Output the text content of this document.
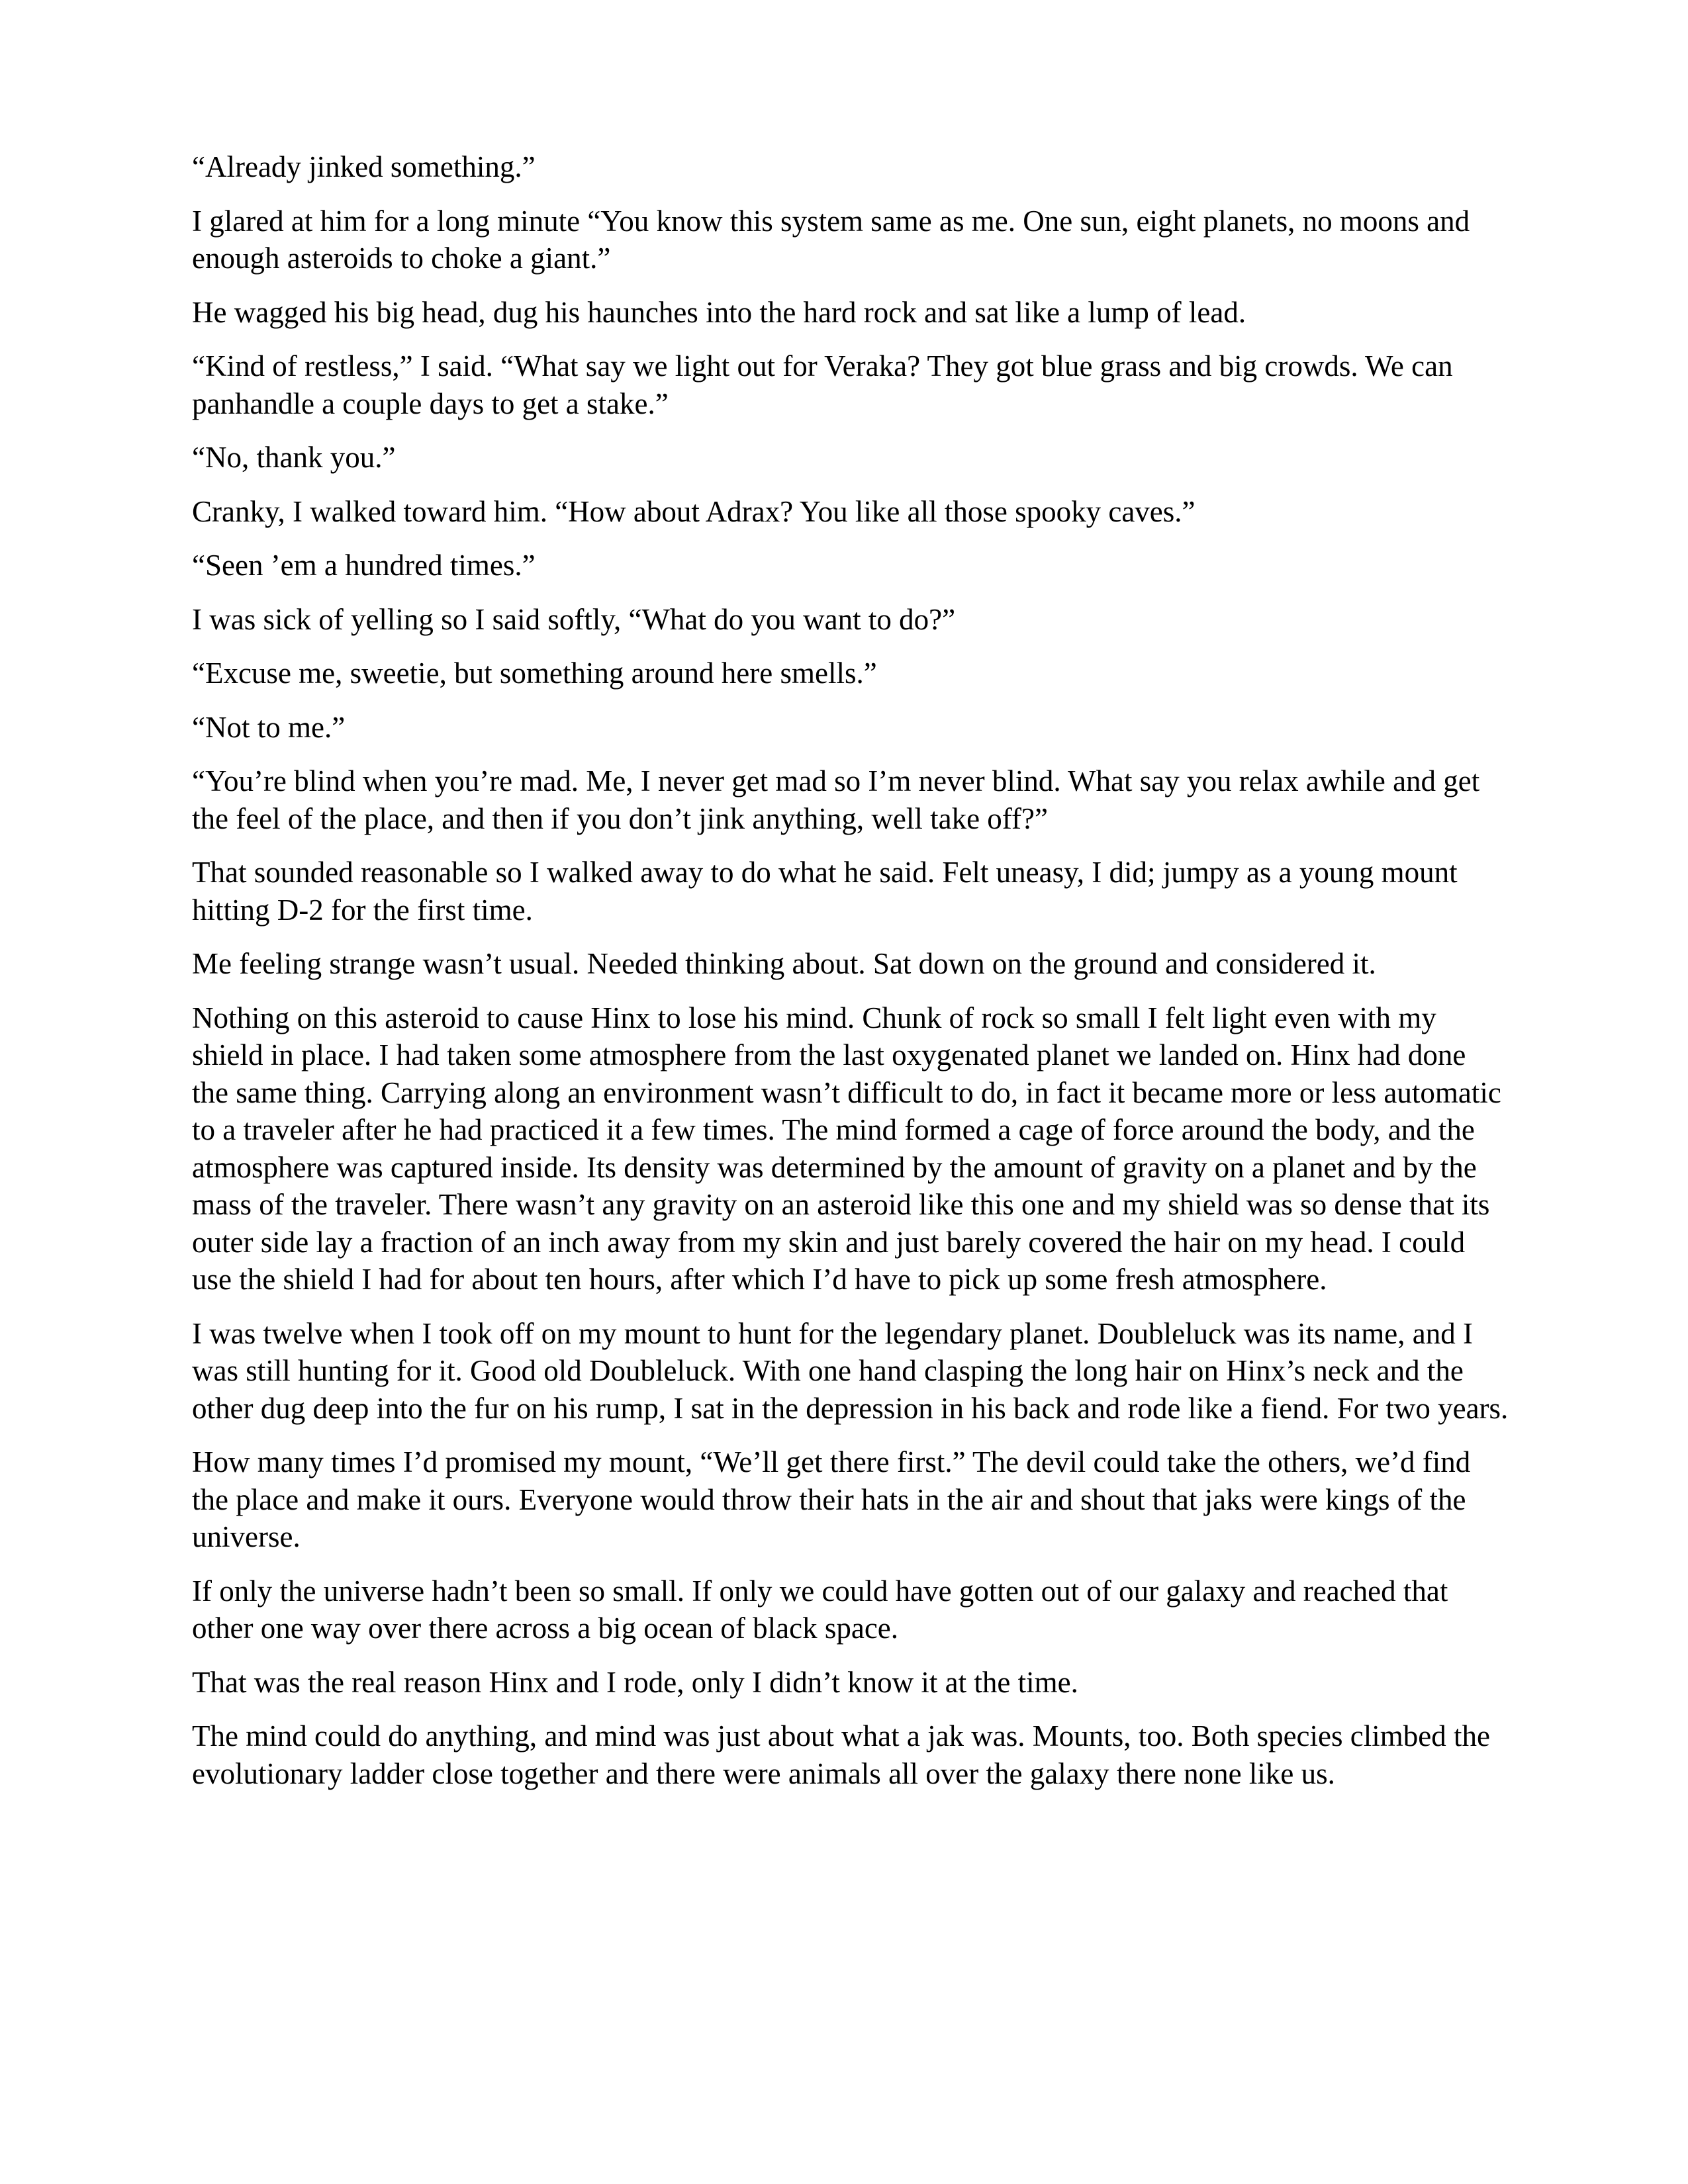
“Already jinked something.”

I glared at him for a long minute “You know this system same as me. One sun, eight planets, no moons and enough asteroids to choke a giant.”

He wagged his big head, dug his haunches into the hard rock and sat like a lump of lead.

“Kind of restless,” I said. “What say we light out for Veraka? They got blue grass and big crowds. We can panhandle a couple days to get a stake.”

“No, thank you.”

Cranky, I walked toward him. “How about Adrax? You like all those spooky caves.”

“Seen ’em a hundred times.”

I was sick of yelling so I said softly, “What do you want to do?”

“Excuse me, sweetie, but something around here smells.”

“Not to me.”

“You’re blind when you’re mad. Me, I never get mad so I’m never blind. What say you relax awhile and get the feel of the place, and then if you don’t jink anything, well take off?”

That sounded reasonable so I walked away to do what he said. Felt uneasy, I did; jumpy as a young mount hitting D-2 for the first time.

Me feeling strange wasn’t usual. Needed thinking about. Sat down on the ground and considered it.

Nothing on this asteroid to cause Hinx to lose his mind. Chunk of rock so small I felt light even with my shield in place. I had taken some atmosphere from the last oxygenated planet we landed on. Hinx had done the same thing. Carrying along an environment wasn’t difficult to do, in fact it became more or less automatic to a traveler after he had practiced it a few times. The mind formed a cage of force around the body, and the atmosphere was captured inside. Its density was determined by the amount of gravity on a planet and by the mass of the traveler. There wasn’t any gravity on an asteroid like this one and my shield was so dense that its outer side lay a fraction of an inch away from my skin and just barely covered the hair on my head. I could use the shield I had for about ten hours, after which I’d have to pick up some fresh atmosphere.

I was twelve when I took off on my mount to hunt for the legendary planet. Doubleluck was its name, and I was still hunting for it. Good old Doubleluck. With one hand clasping the long hair on Hinx’s neck and the other dug deep into the fur on his rump, I sat in the depression in his back and rode like a fiend. For two years.

How many times I’d promised my mount, “We’ll get there first.” The devil could take the others, we’d find the place and make it ours. Everyone would throw their hats in the air and shout that jaks were kings of the universe.

If only the universe hadn’t been so small. If only we could have gotten out of our galaxy and reached that other one way over there across a big ocean of black space.

That was the real reason Hinx and I rode, only I didn’t know it at the time.

The mind could do anything, and mind was just about what a jak was. Mounts, too. Both species climbed the evolutionary ladder close together and there were animals all over the galaxy there none like us.
